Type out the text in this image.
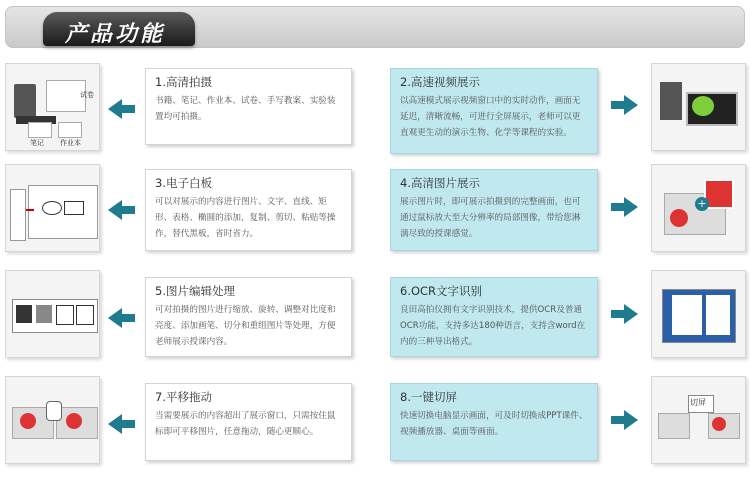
产品功能
试卷
笔记 作业本
1.高清拍摄
书籍、笔记、作业本、试卷、手写教案、实验装置均可拍摄。
2.高速视频展示
以高速模式展示视频窗口中的实时动作，画面无延迟，清晰流畅，可进行全屏展示，老师可以更直观更生动的演示生物、化学等课程的实验。
3.电子白板
可以对展示的内容进行图片、文字、直线、矩形、表格、椭圆的添加，复制、剪切、粘贴等操作，替代黑板，省时省力。
4.高清图片展示
展示图片时，即可展示拍摄到的完整画面，也可通过鼠标放大至大分辨率的局部图像，带给您淋漓尽致的授课感觉。
+
5.图片编辑处理
可对拍摄的图片进行缩放、旋转、调整对比度和亮度、添加画笔、切分和重组图片等处理，方便老师展示授课内容。
6.OCR文字识别
良田高拍仪拥有文字识别技术，提供OCR及普通OCR功能，支持多达180种语言，支持含word在内的三种导出格式。
7.平移拖动
当需要展示的内容超出了展示窗口，只需按住鼠标即可平移图片，任意拖动，随心更顺心。
8.一键切屏
快速切换电脑显示画面，可及时切换成PPT课件、视频播放器、桌面等画面。
切屏
